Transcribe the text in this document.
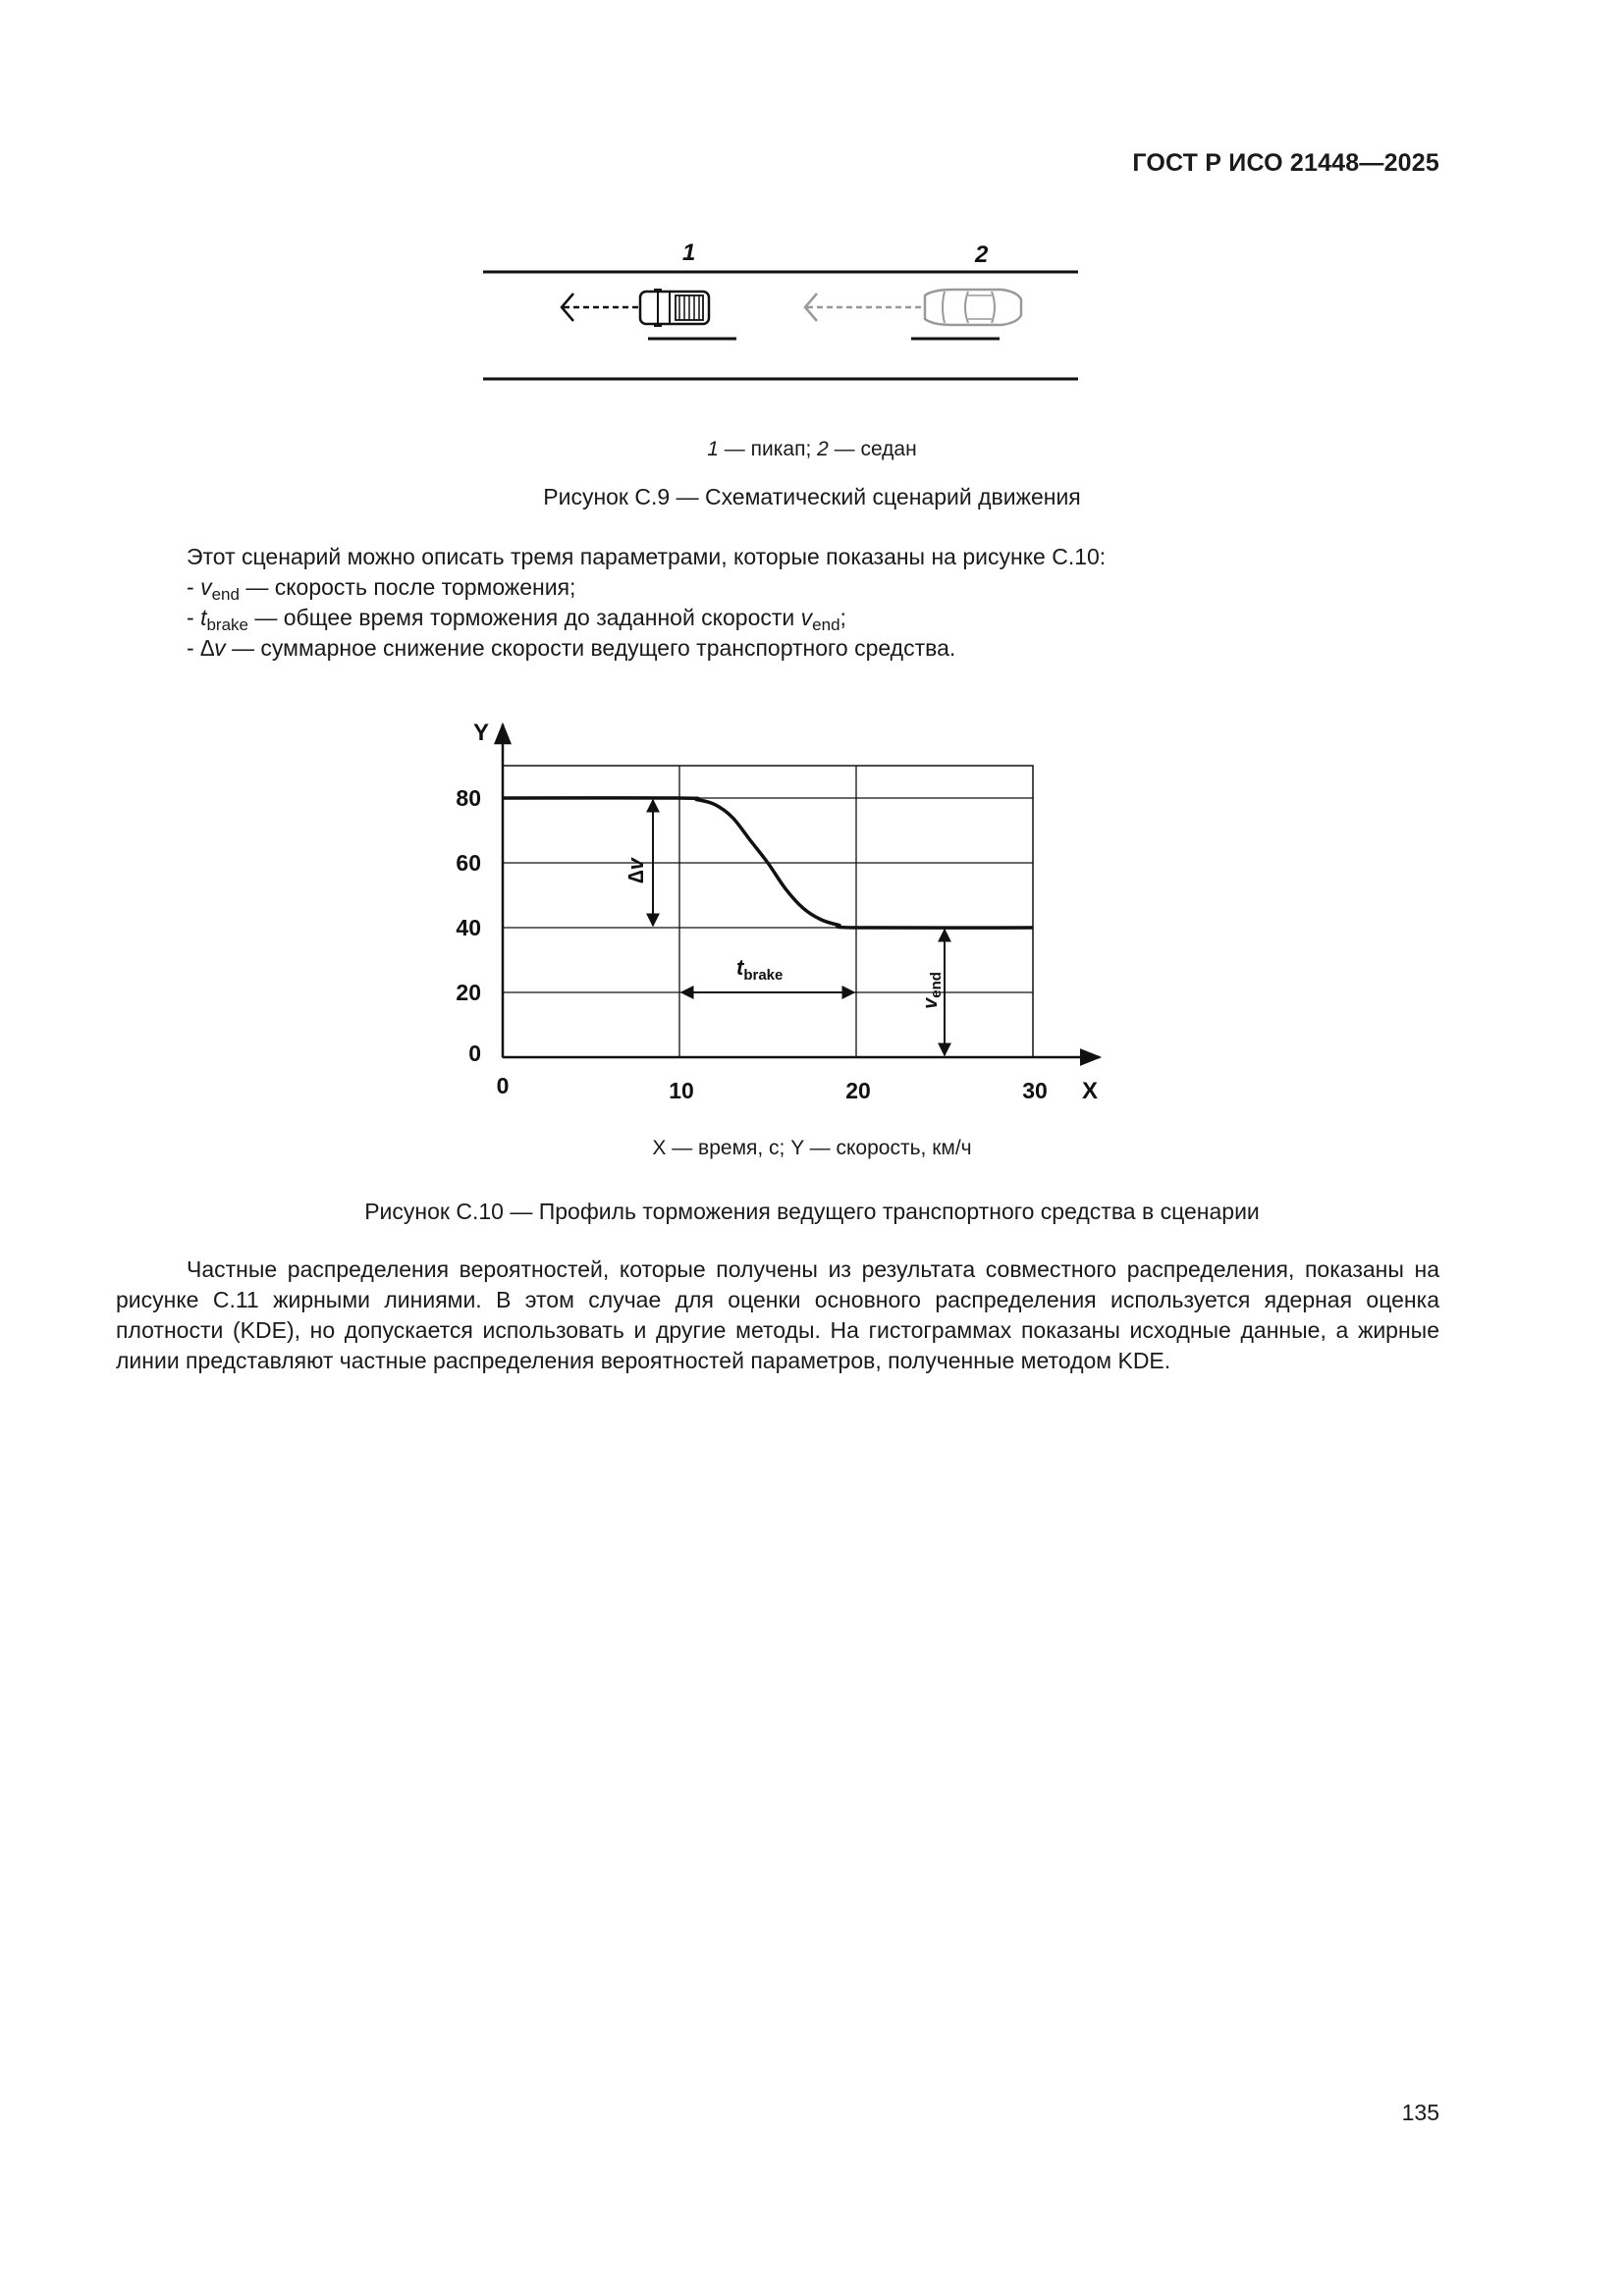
ГОСТ Р ИСО 21448—2025
1	2
1 — пикап; 2 — седан
Рисунок С.9 — Схематический сценарий движения

Этот сценарий можно описать тремя параметрами, которые показаны на рисунке С.10:

- $v_{end}$ — скорость после торможения;

- $t_{brake}$ — общее время торможения до заданной скорости $v_{end}$;

- ∆v — суммарное снижение скорости ведущего транспортного средства.

Y
X
0
20
40
60
80
0	10	20	30
∆v
$t_{brake}$
$v_{end}$
X — время, с; Y — скорость, км/ч
Рисунок С.10 — Профиль торможения ведущего транспортного средства в сценарии

Частные распределения вероятностей, которые получены из результата совместного распределения, показаны на рисунке С.11 жирными линиями. В этом случае для оценки основного распределения используется ядерная оценка плотности (KDE), но допускается использовать и другие методы. На гистограммах показаны исходные данные, а жирные линии представляют частные распределения вероятностей параметров, полученные методом KDE.

135
